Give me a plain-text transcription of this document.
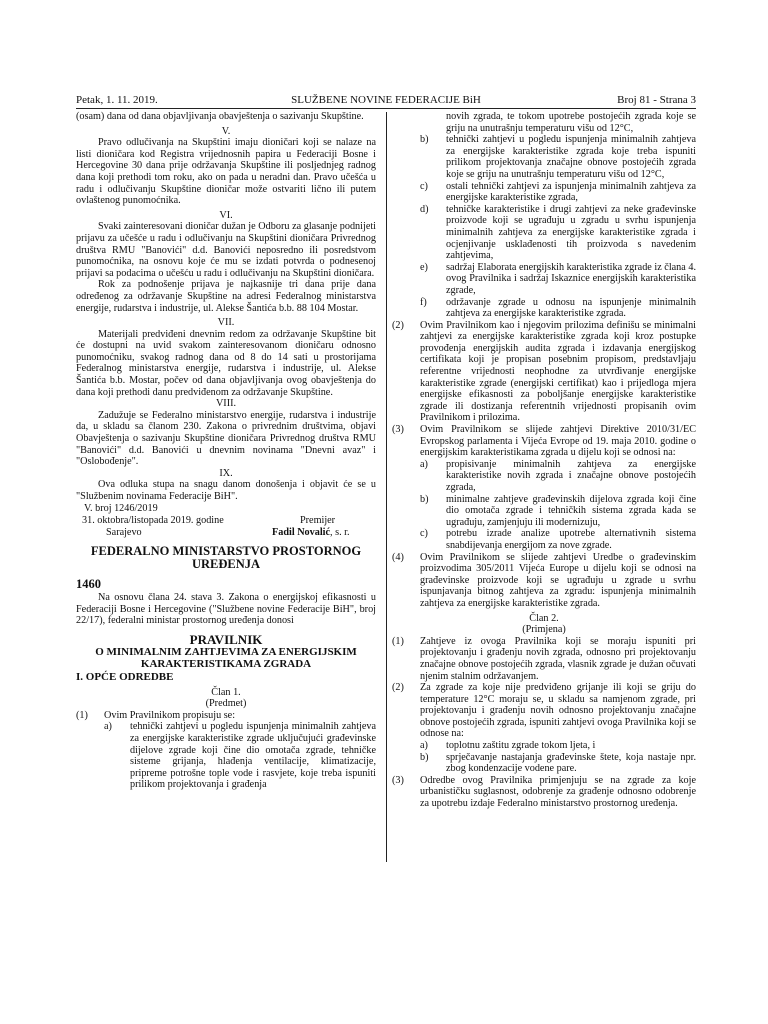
Petak, 1. 11. 2019.	SLUŽBENE NOVINE FEDERACIJE BiH	Broj 81 - Strana 3

(osam) dana od dana objavljivanja obavještenja o sazivanju Skupštine.

V.

Pravo odlučivanja na Skupštini imaju dioničari koji se nalaze na listi dioničara kod Registra vrijednosnih papira u Federaciji Bosne i Hercegovine 30 dana prije održavanja Skupštine ili posljednjeg radnog dana koji prethodi tom roku, ako on pada u neradni dan. Pravo učešća u radu i odlučivanju Skupštine dioničar može ostvariti lično ili putem ovlaštenog punomoćnika.

VI.

Svaki zainteresovani dioničar dužan je Odboru za glasanje podnijeti prijavu za učešće u radu i odlučivanju na Skupštini dioničara Privrednog društva RMU "Banovići" d.d. Banovići neposredno ili posredstvom punomoćnika, na osnovu koje će mu se izdati potvrda o podnesenoj prijavi sa podacima o učešću u radu i odlučivanju na Skupštini dioničara.

Rok za podnošenje prijava je najkasnije tri dana prije dana određenog za održavanje Skupštine na adresi Federalnog ministarstva energije, rudarstva i industrije, ul. Alekse Šantića b.b. 88 104 Mostar.

VII.

Materijali predviđeni dnevnim redom za održavanje Skupštine bit će dostupni na uvid svakom zainteresovanom dioničaru odnosno punomoćniku, svakog radnog dana od 8 do 14 sati u prostorijama Federalnog ministarstva energije, rudarstva i industrije, ul. Alekse Šantića b.b. Mostar, počev od dana objavljivanja ovog obavještenja do dana koji prethodi danu predviđenom za održavanje Skupštine.

VIII.

Zadužuje se Federalno ministarstvo energije, rudarstva i industrije da, u skladu sa članom 230. Zakona o privrednim društvima, objavi Obavještenja o sazivanju Skupštine dioničara Privrednog društva RMU "Banovići" d.d. Banovići u dnevnim novinama "Dnevni avaz" i "Oslobođenje".

IX.

Ova odluka stupa na snagu danom donošenja i objavit će se u "Službenim novinama Federacije BiH".

V. broj 1246/2019
31. oktobra/listopada 2019. godine	Premijer
Sarajevo	Fadil Novalić, s. r.
FEDERALNO MINISTARSTVO PROSTORNOG UREĐENJA
1460

Na osnovu člana 24. stava 3. Zakona o energijskoj efikasnosti u Federaciji Bosne i Hercegovine ("Službene novine Federacije BiH", broj 22/17), federalni ministar prostornog uređenja donosi

PRAVILNIK
O MINIMALNIM ZAHTJEVIMA ZA ENERGIJSKIM KARAKTERISTIKAMA ZGRADA
I. OPĆE ODREDBE

Član 1.

(Predmet)

(1)	Ovim Pravilnikom propisuju se:
a)	tehnički zahtjevi u pogledu ispunjenja minimalnih zahtjeva za energijske karakteristike zgrade uključujući građevinske dijelove zgrade koji čine dio omotača zgrade, tehničke sisteme grijanja, hlađenja ventilacije, klimatizacije, pripreme potrošne tople vode i rasvjete, koje treba ispuniti prilikom projektovanja i građenja

novih zgrada, te tokom upotrebe postojećih zgrada koje se griju na unutrašnju temperaturu višu od 12°C,

b)	tehnički zahtjevi u pogledu ispunjenja minimalnih zahtjeva za energijske karakteristike zgrada koje treba ispuniti prilikom projektovanja značajne obnove postojećih zgrada koje se griju na unutrašnju temperaturu višu od 12°C,
c)	ostali tehnički zahtjevi za ispunjenja minimalnih zahtjeva za energijske karakteristike zgrada,
d)	tehničke karakteristike i drugi zahtjevi za neke građevinske proizvode koji se ugrađuju u zgradu u svrhu ispunjenja minimalnih zahtjeva za energijske karakteristike zgrada i ocjenjivanje usklađenosti tih proizvoda s navedenim zahtjevima,
e)	sadržaj Elaborata energijskih karakteristika zgrade iz člana 4. ovog Pravilnika i sadržaj Iskaznice energijskih karakteristika zgrade,
f)	održavanje zgrade u odnosu na ispunjenje minimalnih zahtjeva za energijske karakteristike zgrada.
(2)	Ovim Pravilnikom kao i njegovim prilozima definišu se minimalni zahtjevi za energijske karakteristike zgrada koji kroz postupke provođenja energijskih audita zgrada i izdavanja energijskog certifikata koji je propisan posebnim propisom, predstavljaju referentne vrijednosti neophodne za utvrđivanje energijske karakteristike zgrade (energijski certifikat) kao i prijedloga mjera energijske efikasnosti za poboljšanje energijske karakteristike zgrade ili dostizanja referentnih vrijednosti propisanih ovim Pravilnikom i prilozima.
(3)	Ovim Pravilnikom se slijede zahtjevi Direktive 2010/31/EC Evropskog parlamenta i Vijeća Evrope od 19. maja 2010. godine o energijskim karakteristikama zgrada u dijelu koji se odnosi na:
a)	propisivanje minimalnih zahtjeva za energijske karakteristike novih zgrada i značajne obnove postojećih zgrada,
b)	minimalne zahtjeve građevinskih dijelova zgrada koji čine dio omotača zgrade i tehničkih sistema zgrada kada se ugrađuju, zamjenjuju ili modernizuju,
c)	potrebu izrade analize upotrebe alternativnih sistema snabdijevanja energijom za nove zgrade.
(4)	Ovim Pravilnikom se slijede zahtjevi Uredbe o građevinskim proizvodima 305/2011 Vijeća Europe u dijelu koji se odnosi na građevinske proizvode koji se ugrađuju u zgrade u svrhu ispunjavanja bitnog zahtjeva za zgradu: ispunjenja minimalnih zahtjeva za energijske karakteristike zgrada.

Član 2.

(Primjena)

(1)	Zahtjeve iz ovoga Pravilnika koji se moraju ispuniti pri projektovanju i građenju novih zgrada, odnosno pri projektovanju značajne obnove postojećih zgrada, vlasnik zgrade je dužan očuvati njenim stalnim održavanjem.
(2)	Za zgrade za koje nije predviđeno grijanje ili koji se griju do temperature 12°C moraju se, u skladu sa namjenom zgrade, pri projektovanju i građenju novih odnosno projektovanju značajne obnove postojećih zgrada, ispuniti zahtjevi ovoga Pravilnika koji se odnose na:
a)	toplotnu zaštitu zgrade tokom ljeta, i
b)	sprječavanje nastajanja građevinske štete, koja nastaje npr. zbog kondenzacije vodene pare.
(3)	Odredbe ovog Pravilnika primjenjuju se na zgrade za koje urbanističku suglasnost, odobrenje za građenje odnosno odobrenje za upotrebu izdaje Federalno ministarstvo prostornog uređenja.
